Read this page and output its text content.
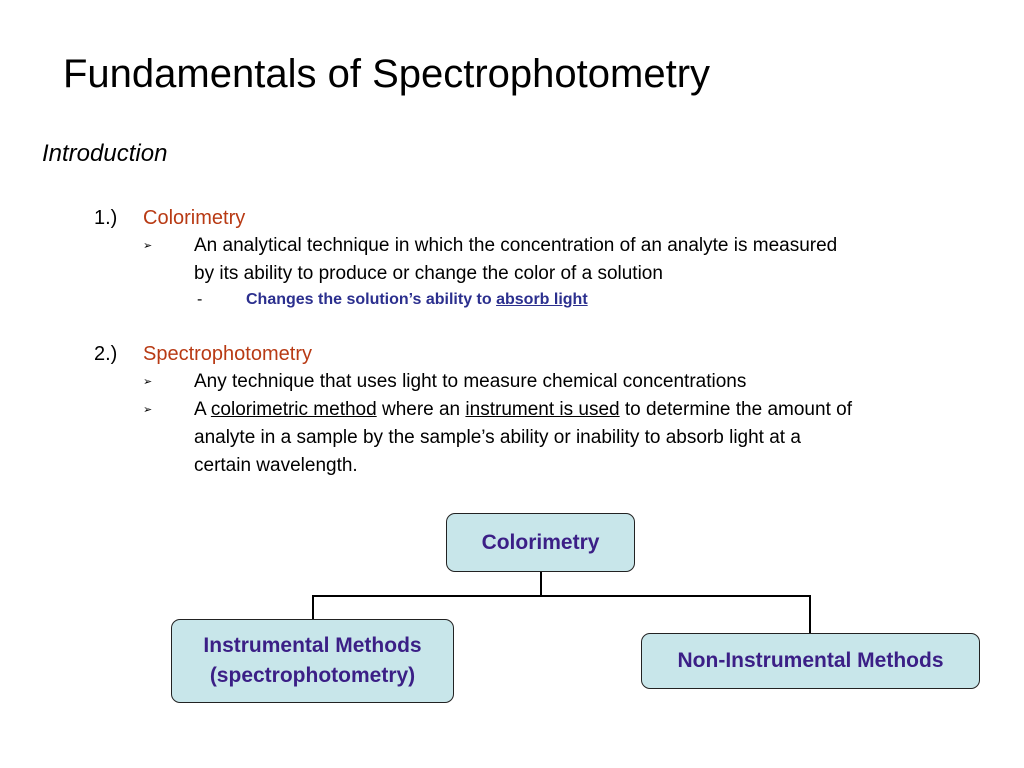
Fundamentals of Spectrophotometry
Introduction
1.) Colorimetry
➢ An analytical technique in which the concentration of an analyte is measured
by its ability to produce or change the color of a solution
-	Changes the solution’s ability to absorb light
2.) Spectrophotometry
➢ Any technique that uses light to measure chemical concentrations
➢ A colorimetric method where an instrument is used to determine the amount of
analyte in a sample by the sample’s ability or inability to absorb light at a
certain wavelength.
Colorimetry
Instrumental Methods
(spectrophotometry)
Non-Instrumental Methods
